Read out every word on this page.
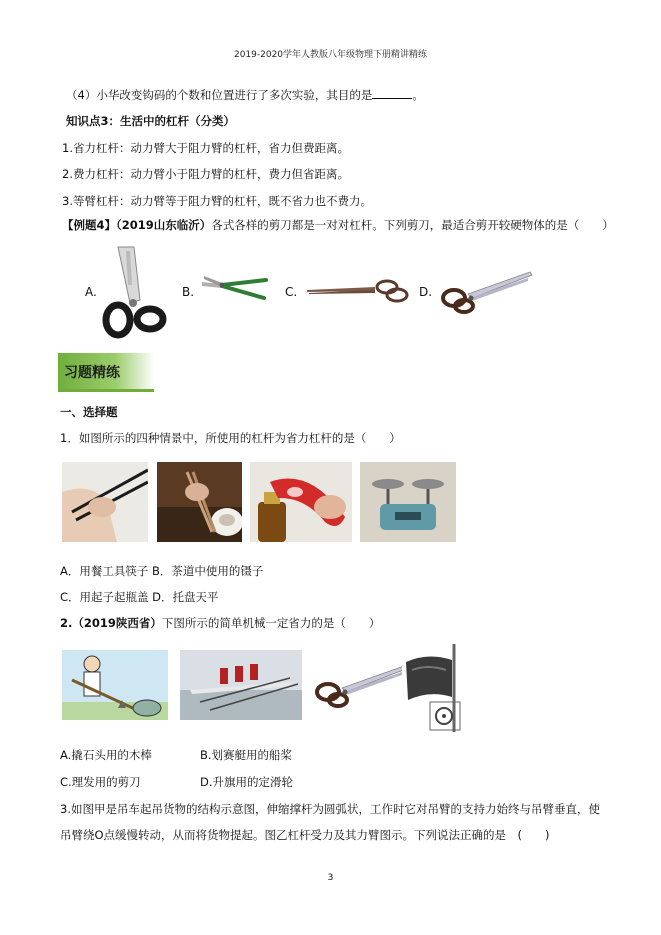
2019-2020学年人教版八年级物理下册精讲精练
（4）小华改变钩码的个数和位置进行了多次实验，其目的是	。
知识点3：生活中的杠杆（分类）
1.省力杠杆：动力臂大于阻力臂的杠杆，省力但费距离。
2.费力杠杆：动力臂小于阻力臂的杠杆，费力但省距离。
3.等臂杠杆：动力臂等于阻力臂的杠杆，既不省力也不费力。
【例题4】（2019山东临沂）各式各样的剪刀都是一对对杠杆。下列剪刀，最适合剪开较硬物体的是（　　）
A.	B.	C.	D.
习题精练
一、选择题
1．如图所示的四种情景中，所使用的杠杆为省力杠杆的是（　　）
A．用餐工具筷子 B．茶道中使用的镊子
C．用起子起瓶盖 D．托盘天平
2.（2019陕西省）下图所示的简单机械一定省力的是（　　）
A.撬石头用的木棒	B.划赛艇用的船桨
C.理发用的剪刀	D.升旗用的定滑轮
3.如图甲是吊车起吊货物的结构示意图，伸缩撑杆为圆弧状，工作时它对吊臂的支持力始终与吊臂垂直，使
吊臂绕O点缓慢转动，从而将货物提起。图乙杠杆受力及其力臂图示。下列说法正确的是　(　　)
3
